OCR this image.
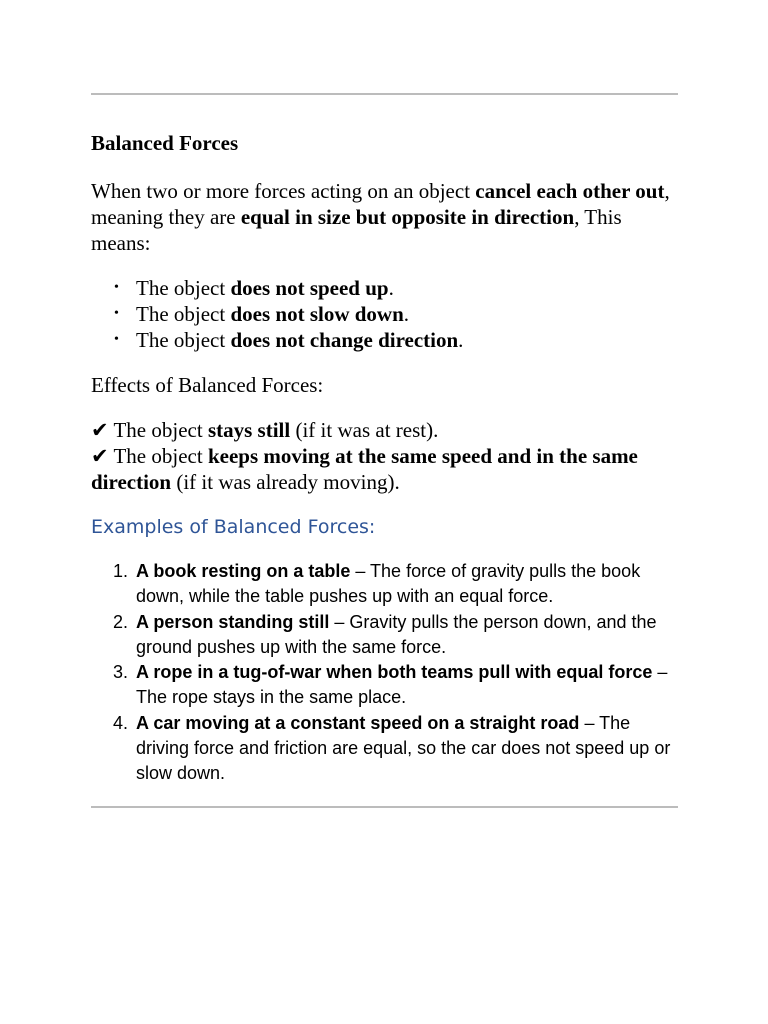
Balanced Forces

When two or more forces acting on an object cancel each other out, meaning they are equal in size but opposite in direction, This means:

• The object does not speed up.
• The object does not slow down.
• The object does not change direction.

Effects of Balanced Forces:

✔ The object stays still (if it was at rest).
✔ The object keeps moving at the same speed and in the same direction (if it was already moving).

Examples of Balanced Forces:

1. A book resting on a table – The force of gravity pulls the book down, while the table pushes up with an equal force.
2. A person standing still – Gravity pulls the person down, and the ground pushes up with the same force.
3. A rope in a tug-of-war when both teams pull with equal force – The rope stays in the same place.
4. A car moving at a constant speed on a straight road – The driving force and friction are equal, so the car does not speed up or slow down.
